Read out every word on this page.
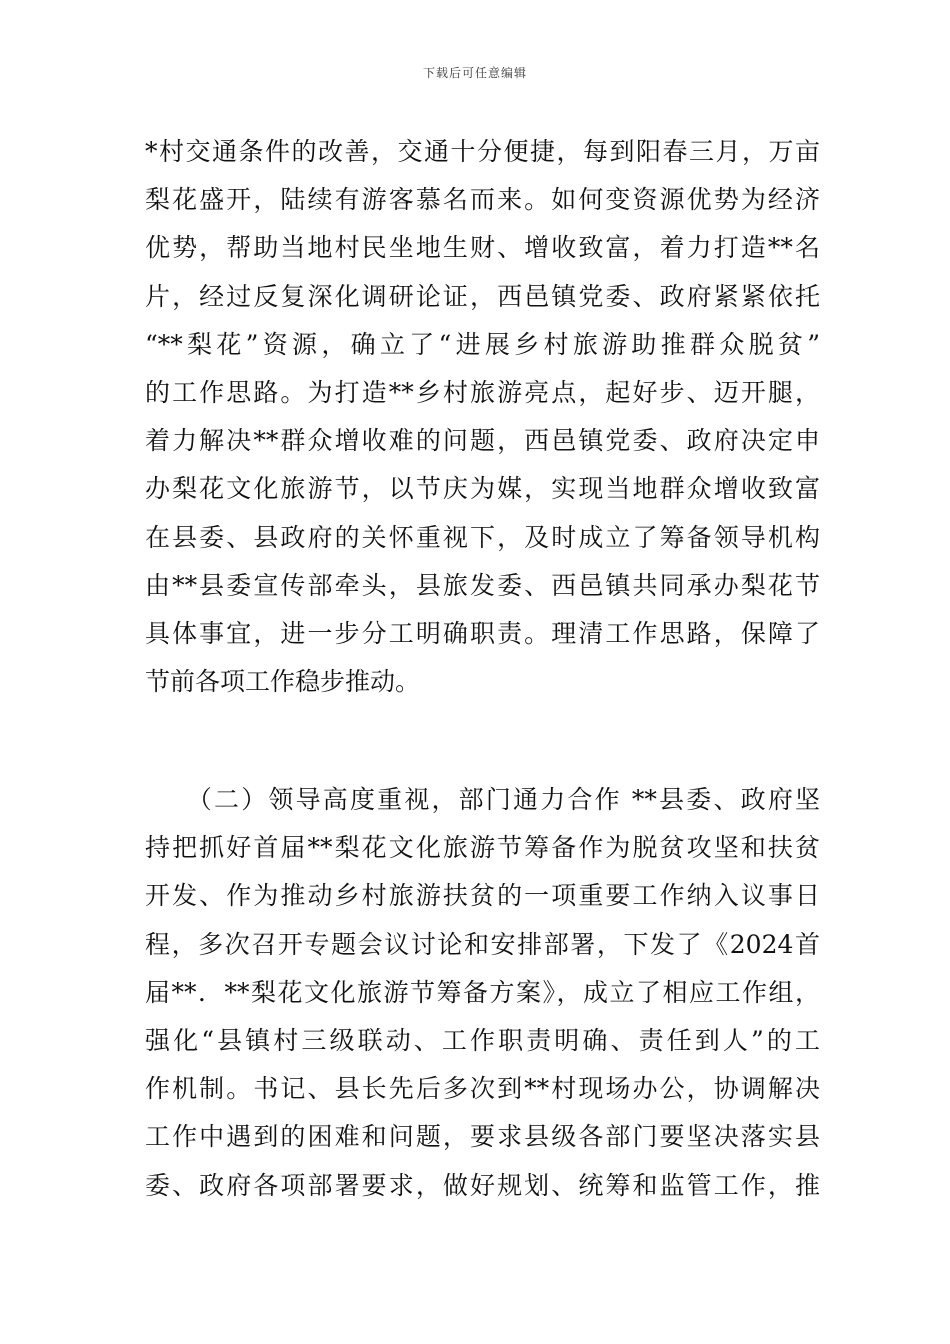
下载后可任意编辑
*村交通条件的改善，交通十分便捷，每到阳春三月，万亩
梨花盛开，陆续有游客慕名而来。如何变资源优势为经济
优势，帮助当地村民坐地生财、增收致富，着力打造**名
片，经过反复深化调研论证，西邑镇党委、政府紧紧依托
“**梨花”资源，确立了“进展乡村旅游助推群众脱贫”
的工作思路。为打造**乡村旅游亮点，起好步、迈开腿，
着力解决**群众增收难的问题，西邑镇党委、政府决定申
办梨花文化旅游节，以节庆为媒，实现当地群众增收致富
在县委、县政府的关怀重视下，及时成立了筹备领导机构
由**县委宣传部牵头，县旅发委、西邑镇共同承办梨花节
具体事宜，进一步分工明确职责。理清工作思路，保障了
节前各项工作稳步推动。
　　（二）领导高度重视，部门通力合作 **县委、政府坚
持把抓好首届**梨花文化旅游节筹备作为脱贫攻坚和扶贫
开发、作为推动乡村旅游扶贫的一项重要工作纳入议事日
程，多次召开专题会议讨论和安排部署，下发了《2024首
届**．**梨花文化旅游节筹备方案》，成立了相应工作组，
强化“县镇村三级联动、工作职责明确、责任到人”的工
作机制。书记、县长先后多次到**村现场办公，协调解决
工作中遇到的困难和问题，要求县级各部门要坚决落实县
委、政府各项部署要求，做好规划、统筹和监管工作，推
